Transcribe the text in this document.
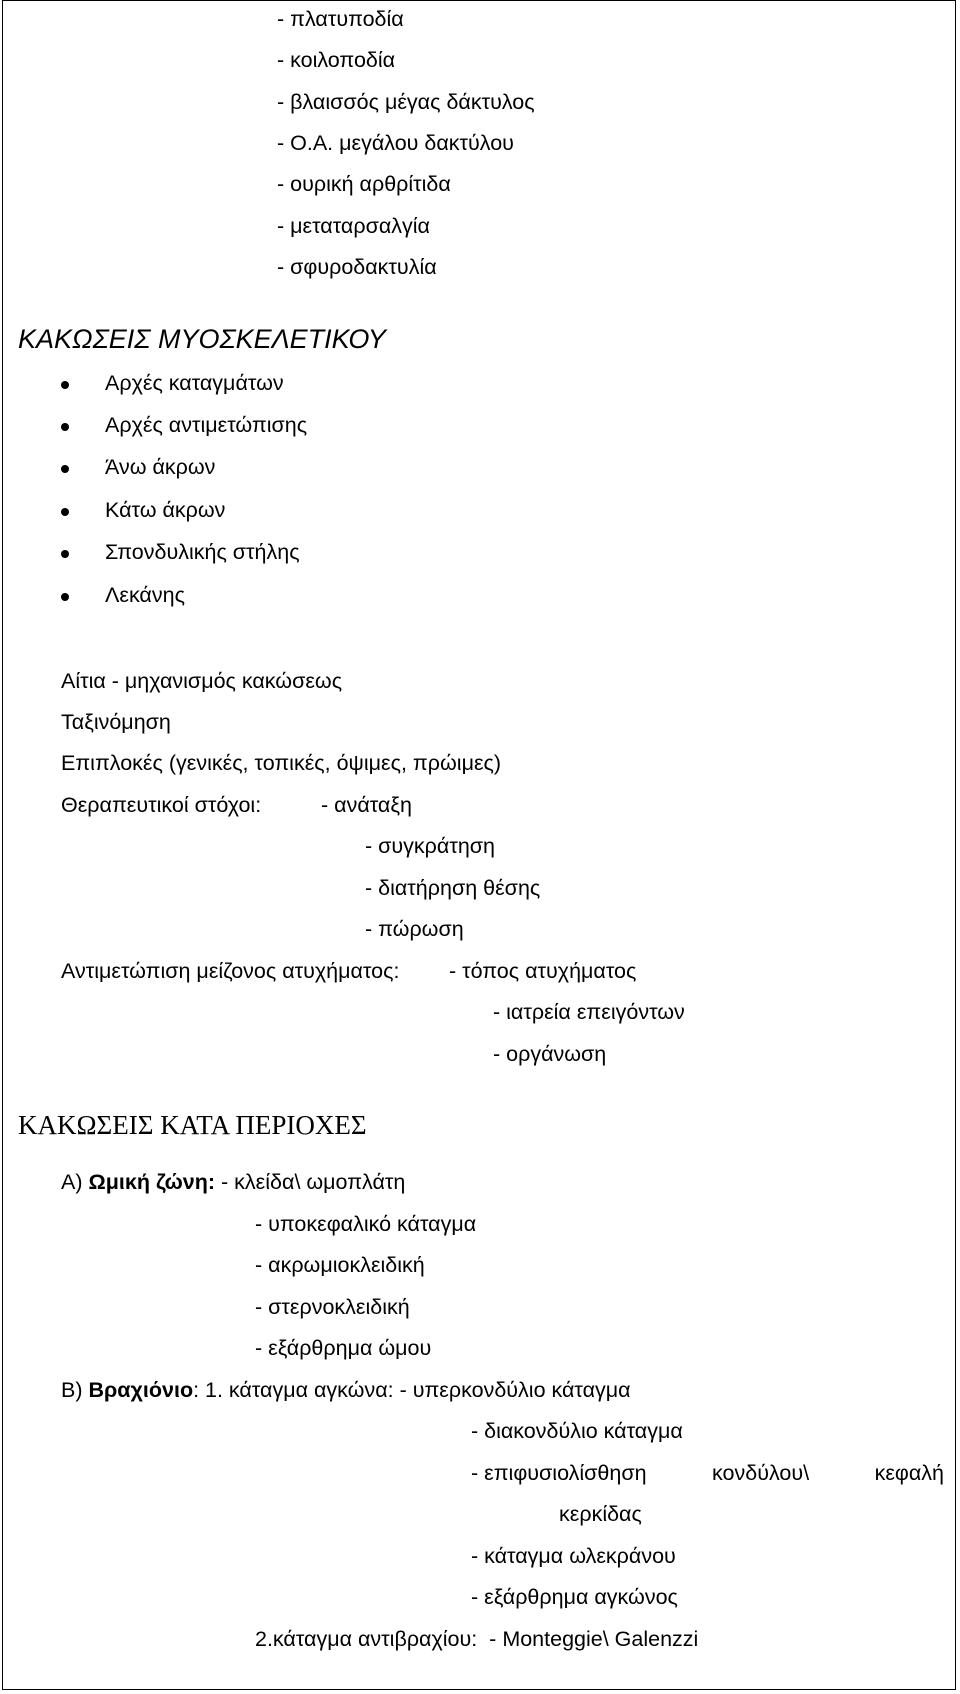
- πλατυποδία
- κοιλοποδία
- βλαισσός μέγας δάκτυλος
- Ο.Α. μεγάλου δακτύλου
- ουρική αρθρίτιδα
- μεταταρσαλγία
- σφυροδακτυλία
ΚΑΚΩΣΕΙΣ ΜΥΟΣΚΕΛΕΤΙΚΟΥ
Αρχές καταγμάτων
Αρχές αντιμετώπισης
Άνω άκρων
Κάτω άκρων
Σπονδυλικής στήλης
Λεκάνης
Αίτια - μηχανισμός κακώσεως
Ταξινόμηση
Επιπλοκές (γενικές, τοπικές, όψιμες, πρώιμες)
Θεραπευτικοί στόχοι:	- ανάταξη
- συγκράτηση
- διατήρηση θέσης
- πώρωση
Αντιμετώπιση μείζονος ατυχήματος: - τόπος ατυχήματος
- ιατρεία επειγόντων
- οργάνωση
ΚΑΚΩΣΕΙΣ ΚΑΤΑ ΠΕΡΙΟΧΕΣ
Α) Ωμική ζώνη: - κλείδα\ ωμοπλάτη
- υποκεφαλικό κάταγμα
- ακρωμιοκλειδική
- στερνοκλειδική
- εξάρθρημα ώμου
Β) Βραχιόνιο: 1. κάταγμα αγκώνα: - υπερκονδύλιο κάταγμα
- διακονδύλιο κάταγμα
- επιφυσιολίσθηση	κονδύλου\	κεφαλή
κερκίδας
- κάταγμα ωλεκράνου
- εξάρθρημα αγκώνος
2.κάταγμα αντιβραχίου:  - Monteggie\ Galenzzi
